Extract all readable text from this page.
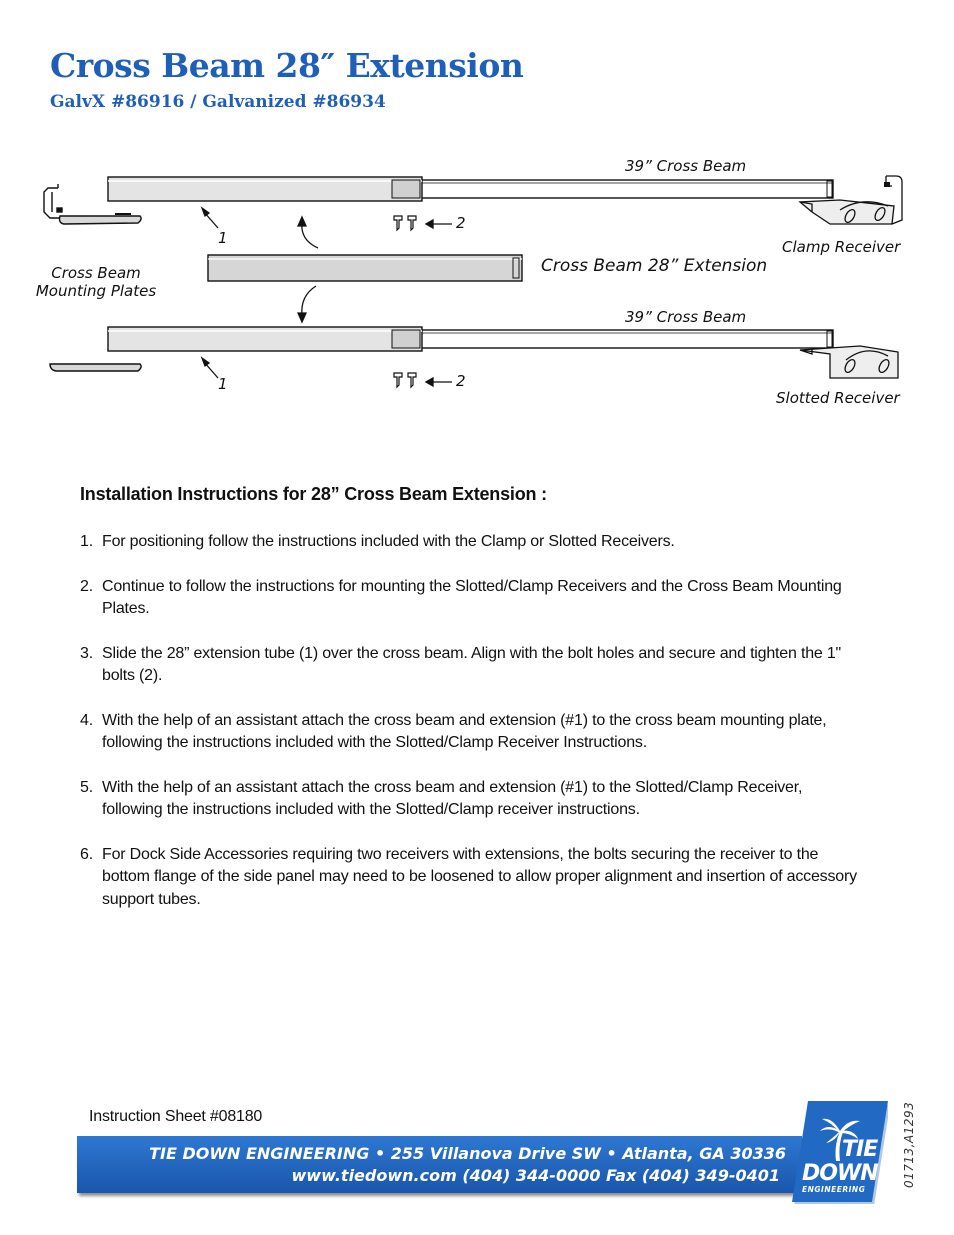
Cross Beam 28″ Extension
GalvX #86916 / Galvanized #86934
39” Cross Beam
Clamp Receiver
1
2
Cross Beam
Mounting Plates
Cross Beam 28” Extension
39” Cross Beam
1	2
Slotted Receiver
Installation Instructions for 28” Cross Beam Extension :
1. For positioning follow the instructions included with the Clamp or Slotted Receivers.
2. Continue to follow the instructions for mounting the Slotted/Clamp Receivers and the Cross Beam Mounting Plates.
3. Slide the 28” extension tube (1) over the cross beam. Align with the bolt holes and secure and tighten the 1" bolts (2).
4. With the help of an assistant attach the cross beam and extension (#1) to the cross beam mounting plate, following the instructions included with the Slotted/Clamp Receiver Instructions.
5. With the help of an assistant attach the cross beam and extension (#1) to the Slotted/Clamp Receiver, following the instructions included with the Slotted/Clamp receiver instructions.
6. For Dock Side Accessories requiring two receivers with extensions, the bolts securing the receiver to the bottom flange of the side panel may need to be loosened to allow proper alignment and insertion of accessory support tubes.
Instruction Sheet #08180
TIE DOWN ENGINEERING • 255 Villanova Drive SW • Atlanta, GA 30336
www.tiedown.com (404) 344-0000 Fax (404) 349-0401
TIE
DOWN
ENGINEERING
01713,A1293
